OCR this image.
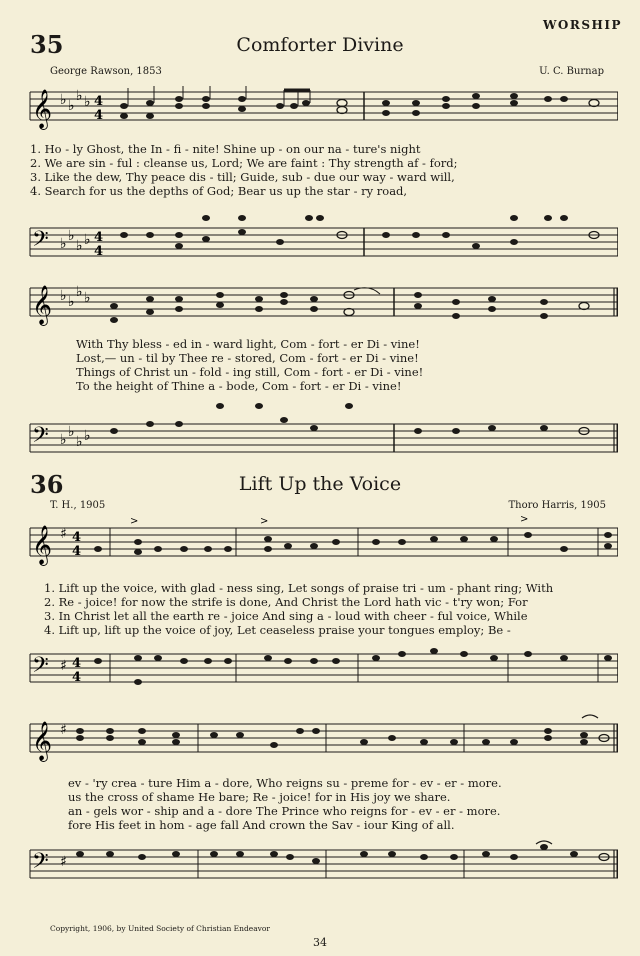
WORSHIP
35	Comforter Divine
George Rawson, 1853	U. C. Burnap
𝄞 ♭ ♭
♭ ♭ 4
4
1. Ho - ly Ghost, the In - fi - nite! Shine up - on our na - ture's night
2. We are sin - ful : cleanse us, Lord; We are faint : Thy strength af - ford;
3. Like the dew, Thy peace dis - till; Guide, sub - due our way - ward will,
4. Search for us the depths of God; Bear us up the star - ry road,
𝄢 ♭ ♭
♭ ♭ 4
4
𝄞 ♭ ♭
♭ ♭
With Thy bless - ed in - ward light, Com - fort - er Di - vine!
Lost,— un - til by Thee re - stored, Com - fort - er Di - vine!
Things of Christ un - fold - ing still, Com - fort - er Di - vine!
To the height of Thine a - bode, Com - fort - er Di - vine!
𝄢 ♭ ♭
♭ ♭
36	Lift Up the Voice
T. H., 1905	Thoro Harris, 1905
𝄞 ♯ 4
4
>	>	>
1. Lift up the voice, with glad - ness sing, Let songs of praise tri - um - phant ring; With
2. Re - joice! for now the strife is done, And Christ the Lord hath vic - t'ry won; For
3. In Christ let all the earth re - joice And sing a - loud with cheer - ful voice, While
4. Lift up, lift up the voice of joy, Let ceaseless praise your tongues employ; Be -
𝄢 ♯ 4
4
𝄞 ♯
ev - 'ry crea - ture Him a - dore, Who reigns su - preme for - ev - er - more.
us the cross of shame He bare; Re - joice! for in His joy we share.
an - gels wor - ship and a - dore The Prince who reigns for - ev - er - more.
fore His feet in hom - age fall And crown the Sav - iour King of all.
𝄢 ♯
Copyright, 1906, by United Society of Christian Endeavor
34
